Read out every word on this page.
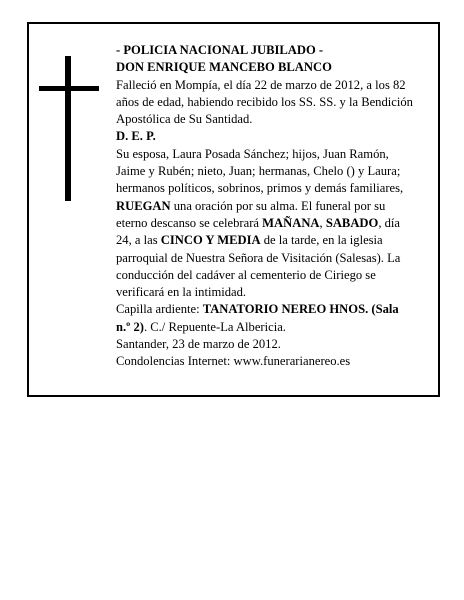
- POLICIA NACIONAL JUBILADO -

DON ENRIQUE MANCEBO BLANCO

Falleció en Mompía, el día 22 de marzo de 2012, a los 82 años de edad, habiendo recibido los SS. SS. y la Bendición Apostólica de Su Santidad.

D. E. P.

Su esposa, Laura Posada Sánchez; hijos, Juan Ramón, Jaime y Rubén; nieto, Juan; hermanas, Chelo () y Laura; hermanos políticos, sobrinos, primos y demás familiares,

RUEGAN una oración por su alma. El funeral por su eterno descanso se celebrará MAÑANA, SABADO, día 24, a las CINCO Y MEDIA de la tarde, en la iglesia parroquial de Nuestra Señora de Visitación (Salesas). La conducción del cadáver al cementerio de Ciriego se verificará en la intimidad.

Capilla ardiente: TANATORIO NEREO HNOS. (Sala n.º 2). C./ Repuente-La Albericia.

Santander, 23 de marzo de 2012.

Condolencias Internet: www.funerarianereo.es
